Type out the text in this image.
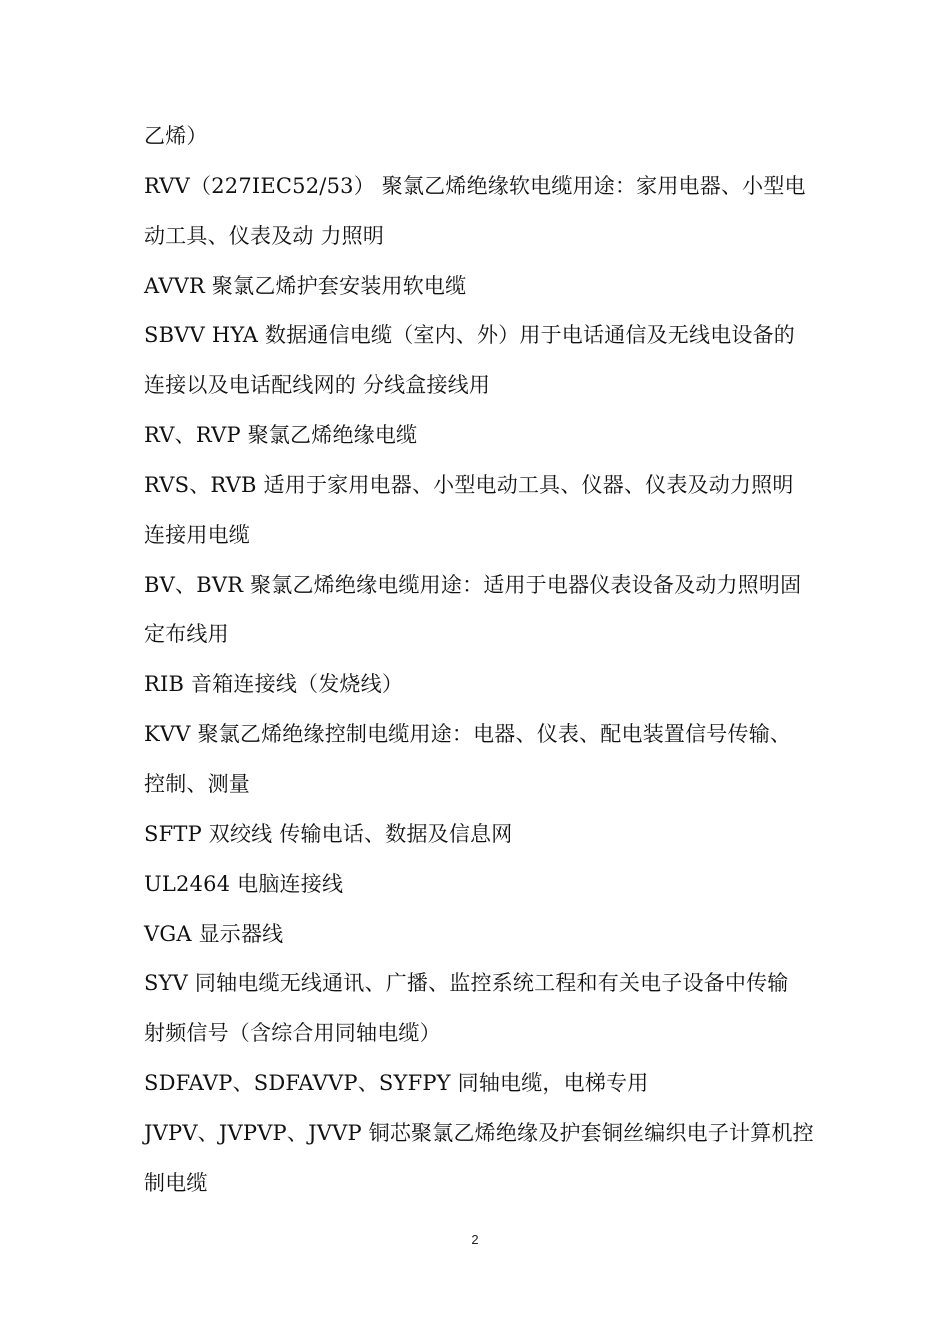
乙烯）
RVV（227IEC52/53） 聚氯乙烯绝缘软电缆用途：家用电器、小型电
动工具、仪表及动 力照明
AVVR 聚氯乙烯护套安装用软电缆
SBVV HYA 数据通信电缆（室内、外）用于电话通信及无线电设备的
连接以及电话配线网的 分线盒接线用
RV、RVP 聚氯乙烯绝缘电缆
RVS、RVB 适用于家用电器、小型电动工具、仪器、仪表及动力照明
连接用电缆
BV、BVR 聚氯乙烯绝缘电缆用途：适用于电器仪表设备及动力照明固
定布线用
RIB 音箱连接线（发烧线）
KVV 聚氯乙烯绝缘控制电缆用途：电器、仪表、配电装置信号传输、
控制、测量
SFTP 双绞线 传输电话、数据及信息网
UL2464 电脑连接线
VGA 显示器线
SYV 同轴电缆无线通讯、广播、监控系统工程和有关电子设备中传输
射频信号（含综合用同轴电缆）
SDFAVP、SDFAVVP、SYFPY 同轴电缆，电梯专用
JVPV、JVPVP、JVVP 铜芯聚氯乙烯绝缘及护套铜丝编织电子计算机控
制电缆
2
